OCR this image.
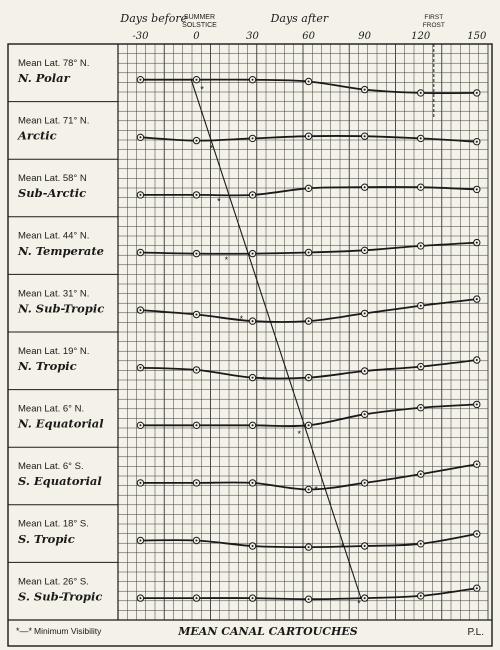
Days before	Days after
SUMMER
SOLSTICE
FIRST
FROST
-30	0	30	60	90	120	150
Mean Lat. 78° N.
N. Polar
Mean Lat. 71° N.
Arctic
Mean Lat. 58° N
Sub-Arctic
Mean Lat. 44° N.
N. Temperate
Mean Lat. 31° N.
N. Sub-Tropic
Mean Lat. 19° N.
N. Tropic
Mean Lat. 6° N.
N. Equatorial
Mean Lat. 6° S.
S. Equatorial
Mean Lat. 18° S.
S. Tropic
Mean Lat. 26° S.
S. Sub-Tropic
*
*
*
*
*
*
*
*
*
*
*—* Minimum Visibility	MEAN CANAL CARTOUCHES	P.L.
